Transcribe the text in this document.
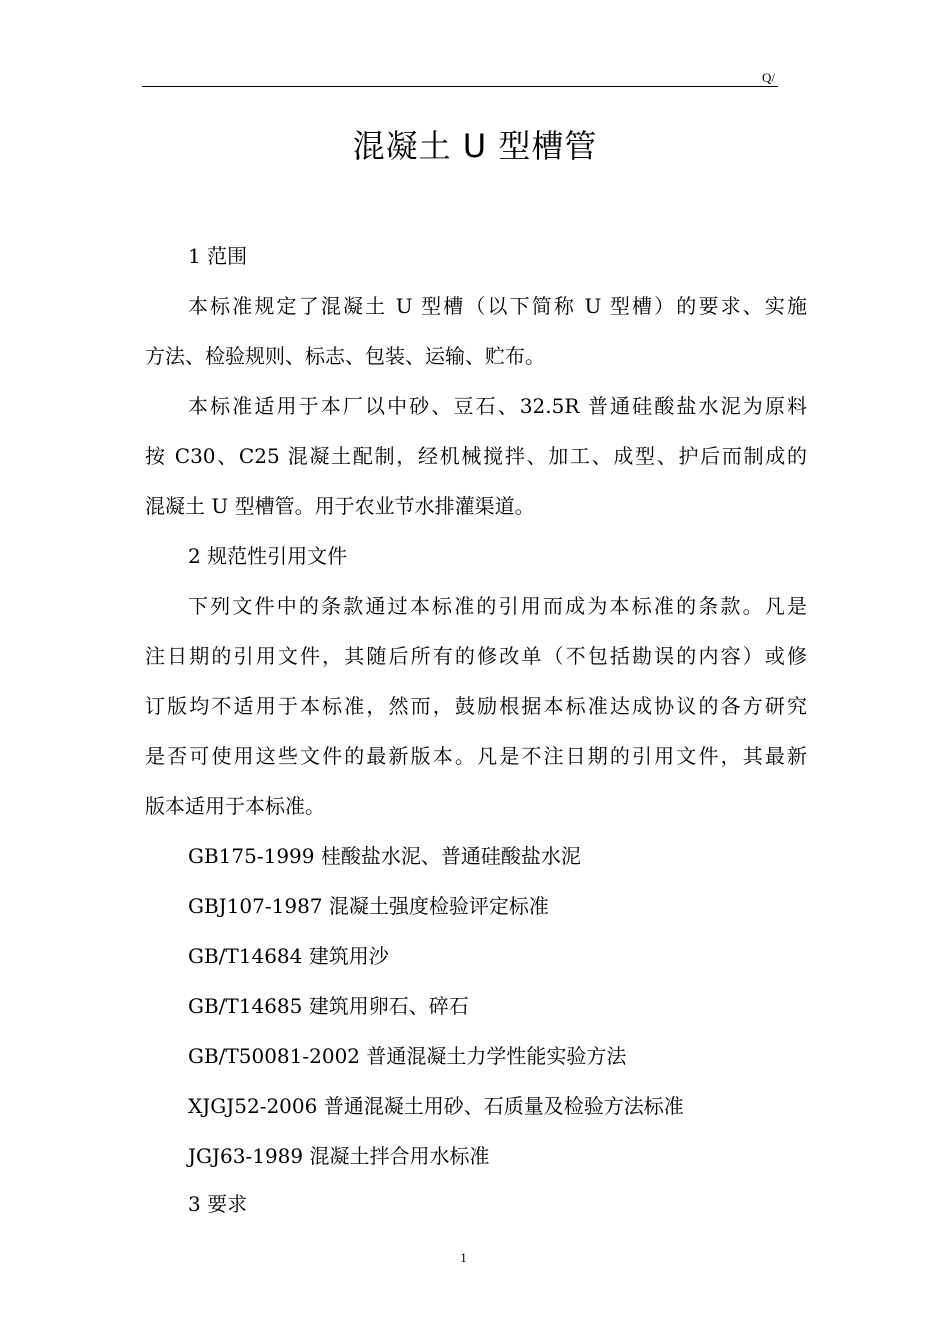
Q/
混凝土 U 型槽管
1 范围
本标准规定了混凝土 U 型槽（以下简称 U 型槽）的要求、实施
方法、检验规则、标志、包装、运输、贮布。
本标准适用于本厂以中砂、豆石、32.5R 普通硅酸盐水泥为原料
按 C30、C25 混凝土配制，经机械搅拌、加工、成型、护后而制成的
混凝土 U 型槽管。用于农业节水排灌渠道。
2 规范性引用文件
下列文件中的条款通过本标准的引用而成为本标准的条款。凡是
注日期的引用文件，其随后所有的修改单（不包括勘误的内容）或修
订版均不适用于本标准，然而，鼓励根据本标准达成协议的各方研究
是否可使用这些文件的最新版本。凡是不注日期的引用文件，其最新
版本适用于本标准。
GB175-1999 桂酸盐水泥、普通硅酸盐水泥
GBJ107-1987 混凝土强度检验评定标准
GB/T14684 建筑用沙
GB/T14685 建筑用卵石、碎石
GB/T50081-2002 普通混凝土力学性能实验方法
XJGJ52-2006 普通混凝土用砂、石质量及检验方法标准
JGJ63-1989 混凝土拌合用水标准
3 要求
1
